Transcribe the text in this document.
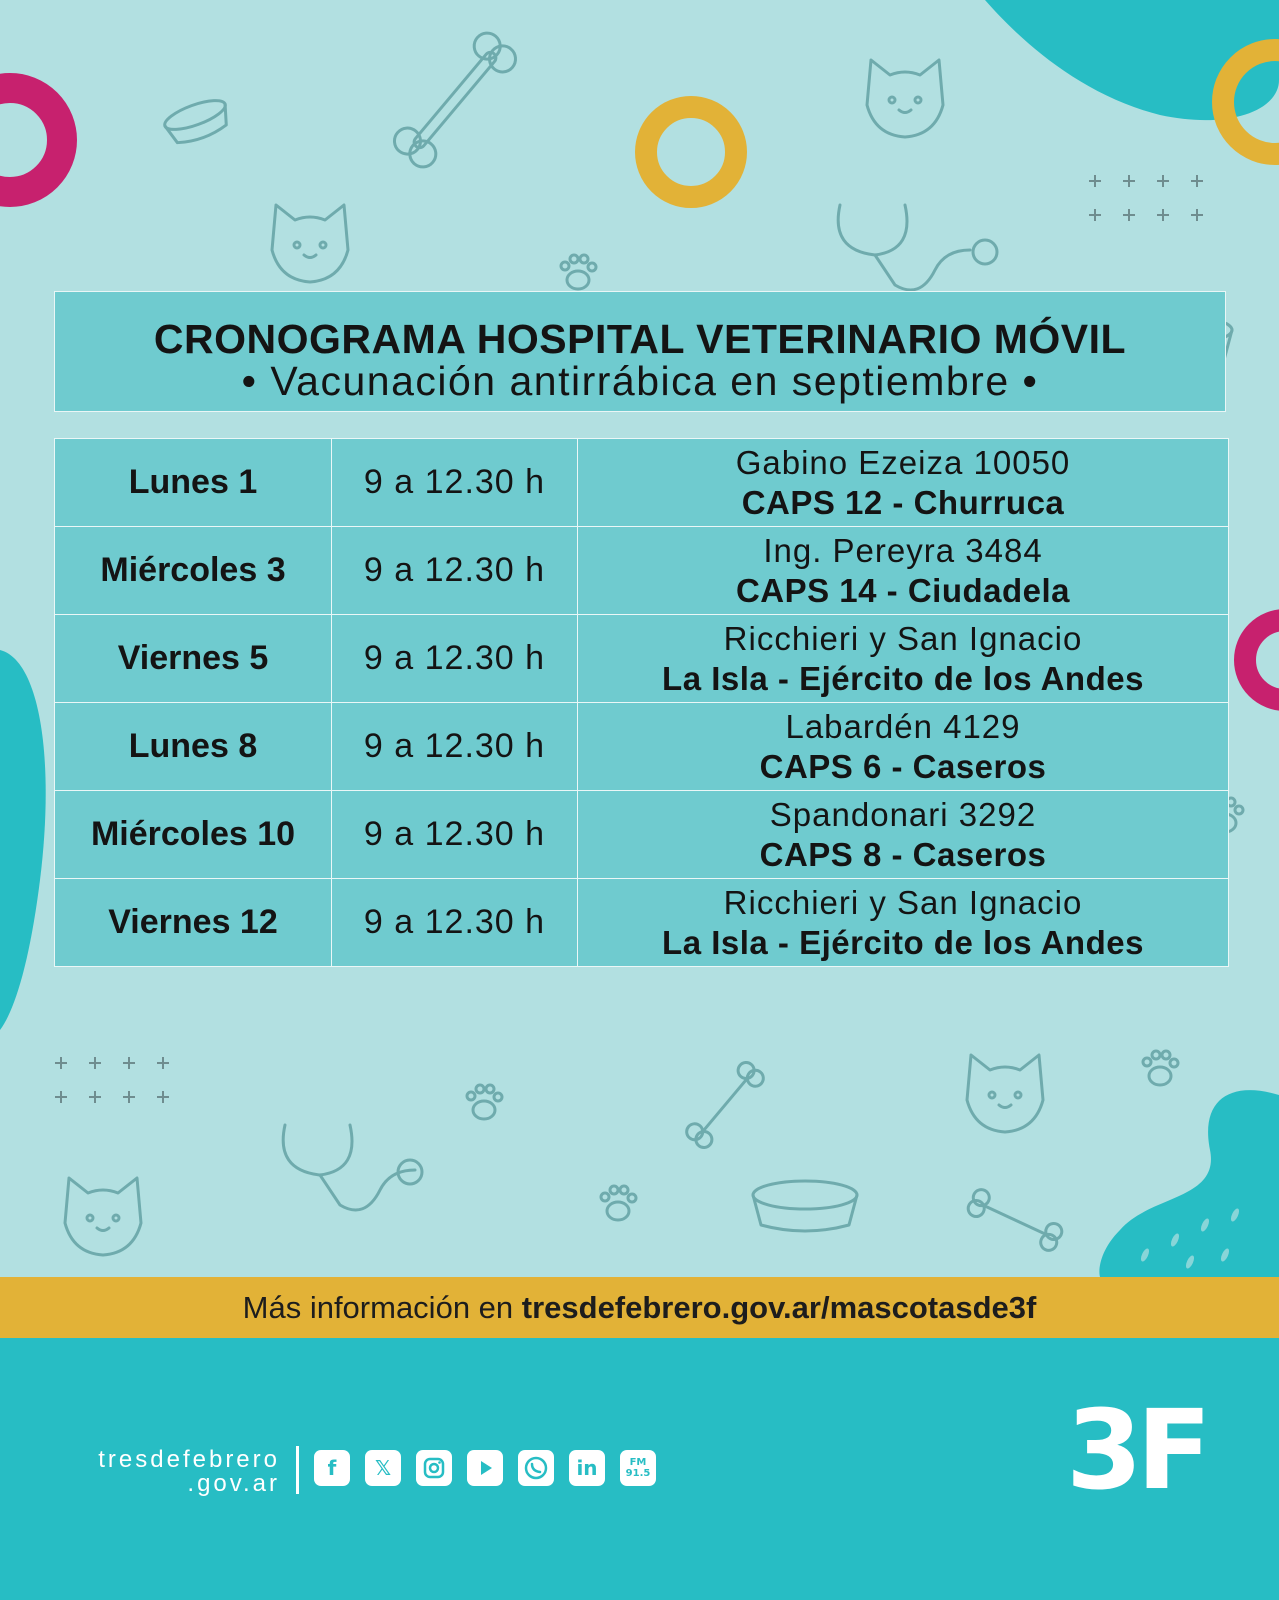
CRONOGRAMA HOSPITAL VETERINARIO MÓVIL
• Vacunación antirrábica en septiembre •
Lunes 1	9 a 12.30 h	Gabino Ezeiza 10050
CAPS 12 - Churruca

Miércoles 3	9 a 12.30 h	Ing. Pereyra 3484
CAPS 14 - Ciudadela

Viernes 5	9 a 12.30 h	Ricchieri y San Ignacio
La Isla - Ejército de los Andes

Lunes 8	9 a 12.30 h	Labardén 4129
CAPS 6 - Caseros

Miércoles 10	9 a 12.30 h	Spandonari 3292
CAPS 8 - Caseros

Viernes 12	9 a 12.30 h	Ricchieri y San Ignacio
La Isla - Ejército de los Andes
Más información en tresdefebrero.gov.ar/mascotasde3f
tresdefebrero
.gov.ar
f	𝕏	in	FM
91.5	3F
